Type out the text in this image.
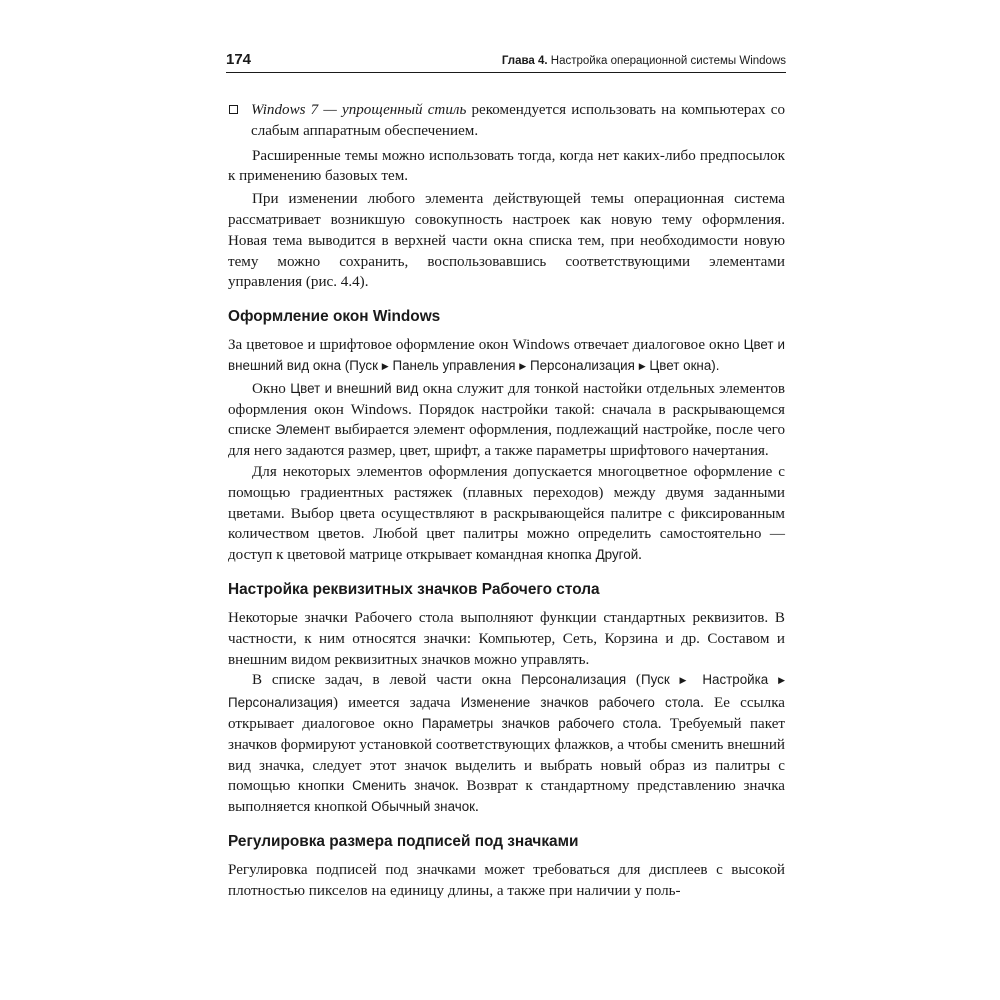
174	Глава 4. Настройка операционной системы Windows

Windows 7 — упрощенный стиль рекомендуется использовать на компьютерах со слабым аппаратным обеспечением.

Расширенные темы можно использовать тогда, когда нет каких-либо предпосылок к применению базовых тем.

При изменении любого элемента действующей темы операционная система рассматривает возникшую совокупность настроек как новую тему оформления. Новая тема выводится в верхней части окна списка тем, при необходимости новую тему можно сохранить, воспользовавшись соответствующими элементами управления (рис. 4.4).

Оформление окон Windows

За цветовое и шрифтовое оформление окон Windows отвечает диалоговое окно Цвет и внешний вид окна (Пуск ▶ Панель управления ▶ Персонализация ▶ Цвет окна).

Окно Цвет и внешний вид окна служит для тонкой настойки отдельных элементов оформления окон Windows. Порядок настройки такой: сначала в раскрывающемся списке Элемент выбирается элемент оформления, подлежащий настройке, после чего для него задаются размер, цвет, шрифт, а также параметры шрифтового начертания.

Для некоторых элементов оформления допускается многоцветное оформление с помощью градиентных растяжек (плавных переходов) между двумя заданными цветами. Выбор цвета осуществляют в раскрывающейся палитре с фиксированным количеством цветов. Любой цвет палитры можно определить самостоятельно — доступ к цветовой матрице открывает командная кнопка Другой.

Настройка реквизитных значков Рабочего стола

Некоторые значки Рабочего стола выполняют функции стандартных реквизитов. В частности, к ним относятся значки: Компьютер, Сеть, Корзина и др. Составом и внешним видом реквизитных значков можно управлять.

В списке задач, в левой части окна Персонализация (Пуск ▶ Настройка ▶ Персонализация) имеется задача Изменение значков рабочего стола. Ее ссылка открывает диалоговое окно Параметры значков рабочего стола. Требуемый пакет значков формируют установкой соответствующих флажков, а чтобы сменить внешний вид значка, следует этот значок выделить и выбрать новый образ из палитры с помощью кнопки Сменить значок. Возврат к стандартному представлению значка выполняется кнопкой Обычный значок.

Регулировка размера подписей под значками

Регулировка подписей под значками может требоваться для дисплеев с высокой плотностью пикселов на единицу длины, а также при наличии у поль-
